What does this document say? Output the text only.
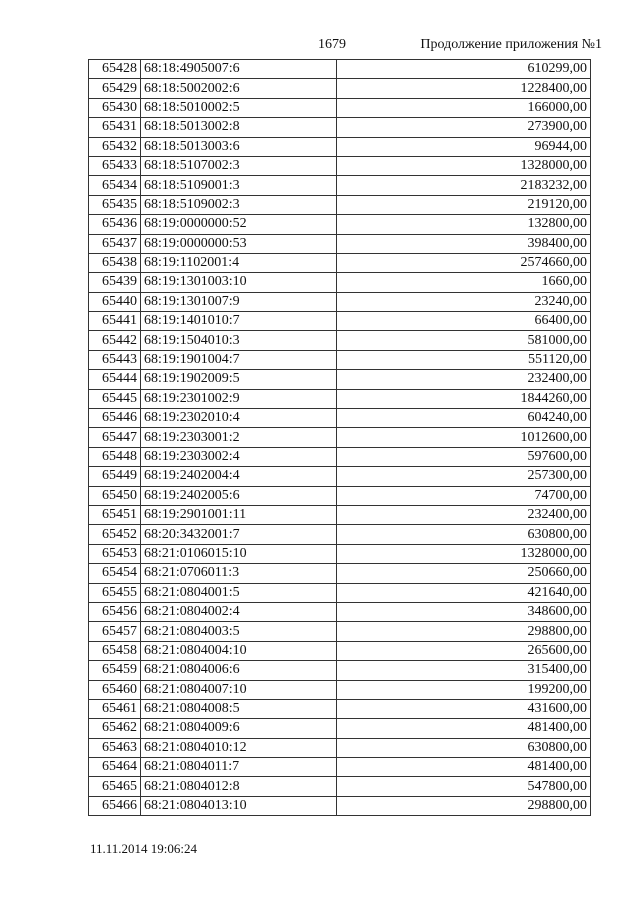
1679	Продолжение приложения №1
65428	68:18:4905007:6	610299,00
65429	68:18:5002002:6	1228400,00
65430	68:18:5010002:5	166000,00
65431	68:18:5013002:8	273900,00
65432	68:18:5013003:6	96944,00
65433	68:18:5107002:3	1328000,00
65434	68:18:5109001:3	2183232,00
65435	68:18:5109002:3	219120,00
65436	68:19:0000000:52	132800,00
65437	68:19:0000000:53	398400,00
65438	68:19:1102001:4	2574660,00
65439	68:19:1301003:10	1660,00
65440	68:19:1301007:9	23240,00
65441	68:19:1401010:7	66400,00
65442	68:19:1504010:3	581000,00
65443	68:19:1901004:7	551120,00
65444	68:19:1902009:5	232400,00
65445	68:19:2301002:9	1844260,00
65446	68:19:2302010:4	604240,00
65447	68:19:2303001:2	1012600,00
65448	68:19:2303002:4	597600,00
65449	68:19:2402004:4	257300,00
65450	68:19:2402005:6	74700,00
65451	68:19:2901001:11	232400,00
65452	68:20:3432001:7	630800,00
65453	68:21:0106015:10	1328000,00
65454	68:21:0706011:3	250660,00
65455	68:21:0804001:5	421640,00
65456	68:21:0804002:4	348600,00
65457	68:21:0804003:5	298800,00
65458	68:21:0804004:10	265600,00
65459	68:21:0804006:6	315400,00
65460	68:21:0804007:10	199200,00
65461	68:21:0804008:5	431600,00
65462	68:21:0804009:6	481400,00
65463	68:21:0804010:12	630800,00
65464	68:21:0804011:7	481400,00
65465	68:21:0804012:8	547800,00
65466	68:21:0804013:10	298800,00
11.11.2014 19:06:24
